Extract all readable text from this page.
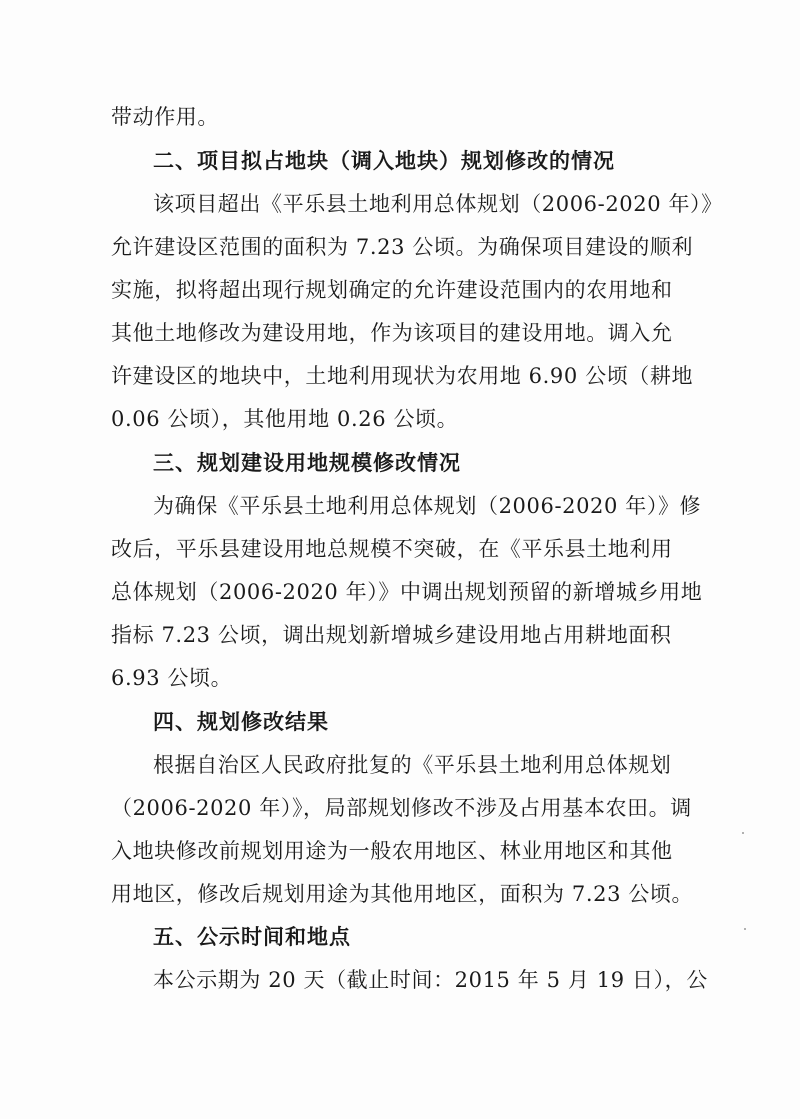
带动作用。
二、项目拟占地块（调入地块）规划修改的情况
该项目超出《平乐县土地利用总体规划（2006-2020 年）》
允许建设区范围的面积为 7.23 公顷。为确保项目建设的顺利
实施，拟将超出现行规划确定的允许建设范围内的农用地和
其他土地修改为建设用地，作为该项目的建设用地。调入允
许建设区的地块中，土地利用现状为农用地 6.90 公顷（耕地
0.06 公顷），其他用地 0.26 公顷。
三、规划建设用地规模修改情况
为确保《平乐县土地利用总体规划（2006-2020 年）》修
改后，平乐县建设用地总规模不突破，在《平乐县土地利用
总体规划（2006-2020 年）》中调出规划预留的新增城乡用地
指标 7.23 公顷，调出规划新增城乡建设用地占用耕地面积
6.93 公顷。
四、规划修改结果
根据自治区人民政府批复的《平乐县土地利用总体规划
（2006-2020 年）》，局部规划修改不涉及占用基本农田。调
入地块修改前规划用途为一般农用地区、林业用地区和其他
用地区，修改后规划用途为其他用地区，面积为 7.23 公顷。
五、公示时间和地点
本公示期为 20 天（截止时间：2015 年 5 月 19 日），公
